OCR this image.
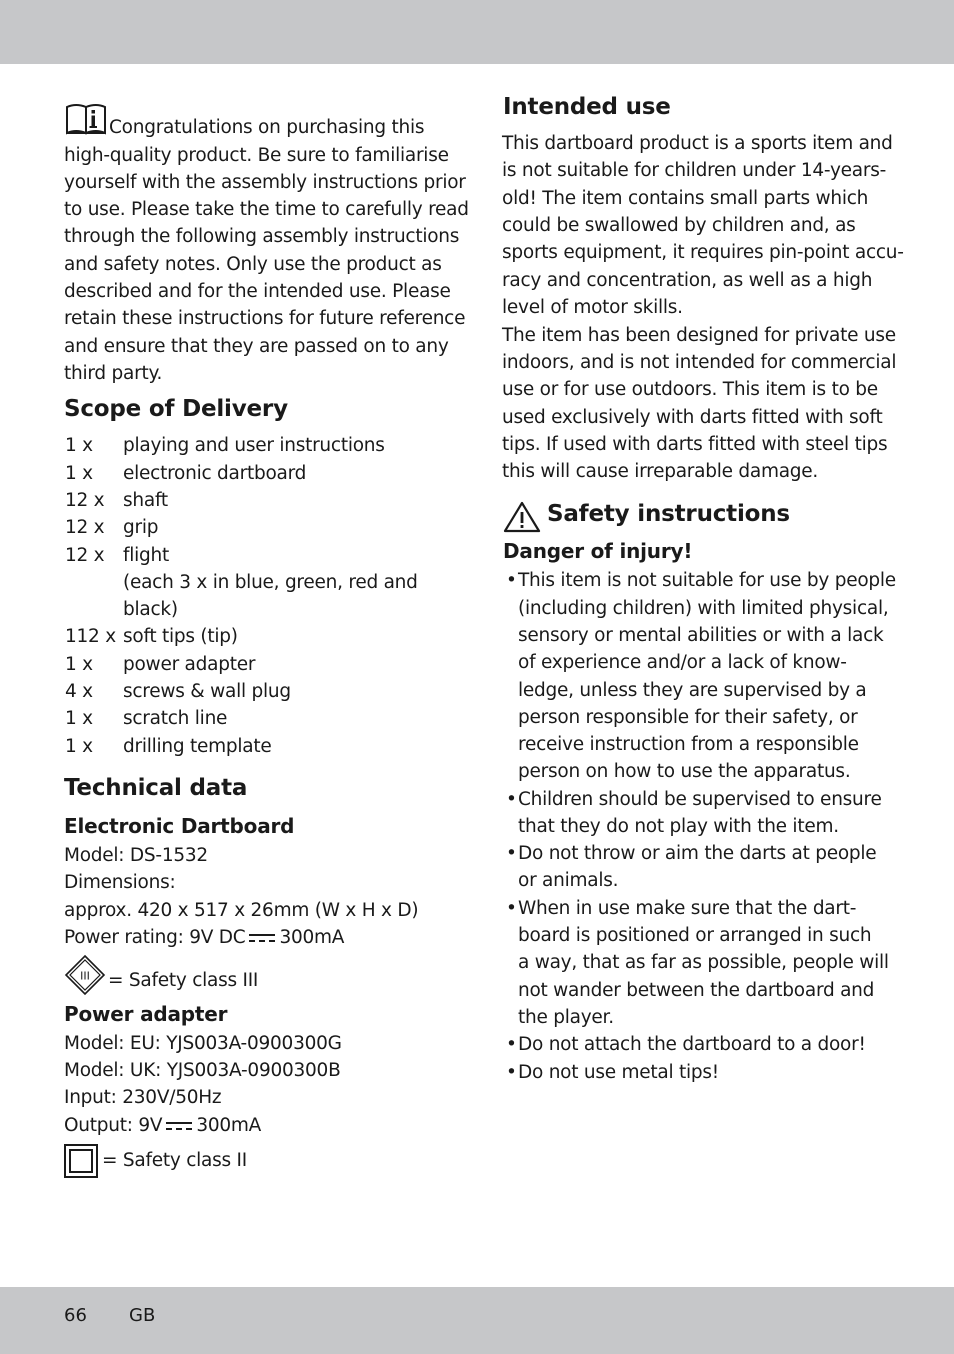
Congratulations on purchasing this
high-quality product. Be sure to familiarise
yourself with the assembly instructions prior
to use. Please take the time to carefully read
through the following assembly instructions
and safety notes. Only use the product as
described and for the intended use. Please
retain these instructions for future reference
and ensure that they are passed on to any
third party.
Scope of Delivery
1 x playing and user instructions
1 x electronic dartboard
12 x shaft
12 x grip
12 x flight
(each 3 x in blue, green, red and
black)
112 x soft tips (tip)
1 x power adapter
4 x screws & wall plug
1 x scratch line
1 x drilling template
Technical data
Electronic Dartboard
Model: DS-1532
Dimensions:
approx. 420 x 517 x 26mm (W x H x D)
Power rating: 9V DC 300mA
III = Safety class III
Power adapter
Model: EU: YJS003A-0900300G
Model: UK: YJS003A-0900300B
Input: 230V/50Hz
Output: 9V 300mA
= Safety class II
Intended use
This dartboard product is a sports item and
is not suitable for children under 14-years-
old! The item contains small parts which
could be swallowed by children and, as
sports equipment, it requires pin-point accu-
racy and concentration, as well as a high
level of motor skills.
The item has been designed for private use
indoors, and is not intended for commercial
use or for use outdoors. This item is to be
used exclusively with darts fitted with soft
tips. If used with darts fitted with steel tips
this will cause irreparable damage.
Safety instructions
Danger of injury!
• This item is not suitable for use by people
(including children) with limited physical,
sensory or mental abilities or with a lack
of experience and/or a lack of know-
ledge, unless they are supervised by a
person responsible for their safety, or
receive instruction from a responsible
person on how to use the apparatus.
• Children should be supervised to ensure
that they do not play with the item.
• Do not throw or aim the darts at people
or animals.
• When in use make sure that the dart-
board is positioned or arranged in such
a way, that as far as possible, people will
not wander between the dartboard and
the player.
• Do not attach the dartboard to a door!
• Do not use metal tips!
66 GB
